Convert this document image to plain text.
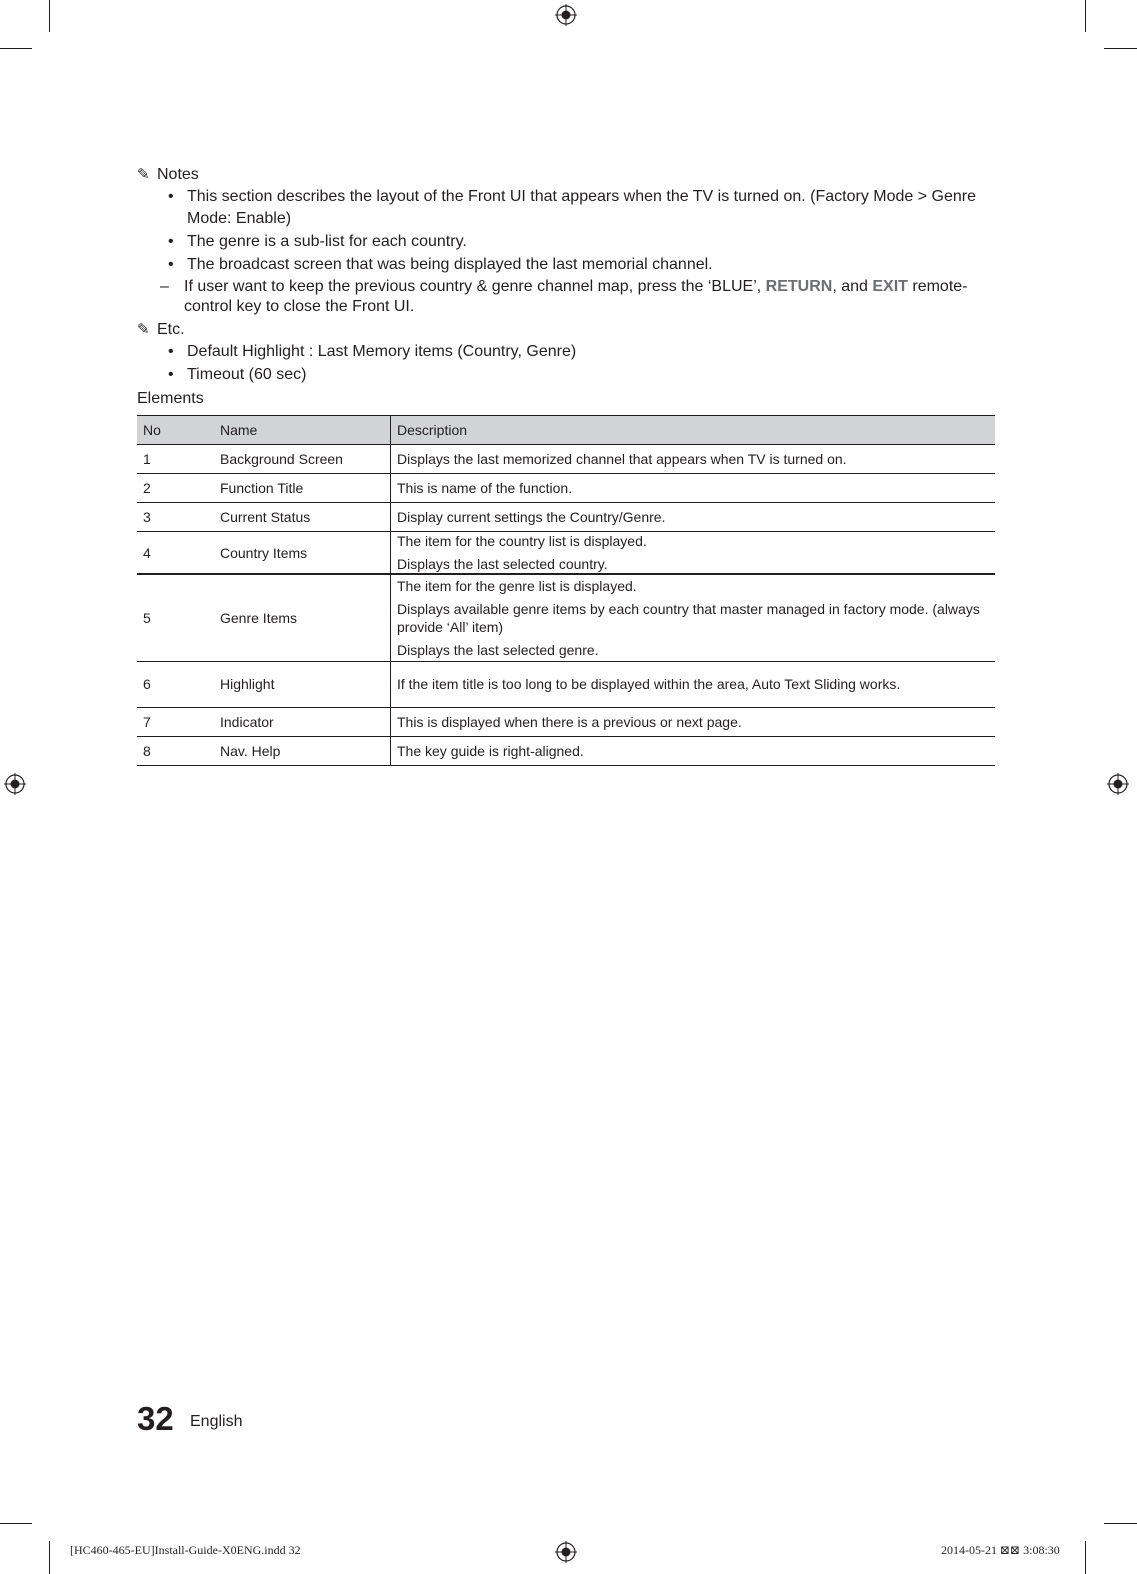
✎ Notes
• This section describes the layout of the Front UI that appears when the TV is turned on. (Factory Mode > Genre Mode: Enable)
• The genre is a sub-list for each country.
• The broadcast screen that was being displayed the last memorial channel.
– If user want to keep the previous country & genre channel map, press the ‘BLUE’, RETURN, and EXIT remote-control key to close the Front UI.
✎ Etc.
• Default Highlight : Last Memory items (Country, Genre)
• Timeout (60 sec)
Elements
No	Name	Description
1	Background Screen	Displays the last memorized channel that appears when TV is turned on.

2	Function Title	This is name of the function.

3	Current Status	Display current settings the Country/Genre.

4	Country Items	The item for the country list is displayed.

Displays the last selected country.

5	Genre Items	The item for the genre list is displayed.

Displays available genre items by each country that master managed in factory mode. (always provide ‘All’ item)

Displays the last selected genre.

6	Highlight	If the item title is too long to be displayed within the area, Auto Text Sliding works.

7	Indicator	This is displayed when there is a previous or next page.

8	Nav. Help	The key guide is right-aligned.

32 English
[HC460-465-EU]Install-Guide-X0ENG.indd 32	2014-05-21 ⊠⊠ 3:08:30
